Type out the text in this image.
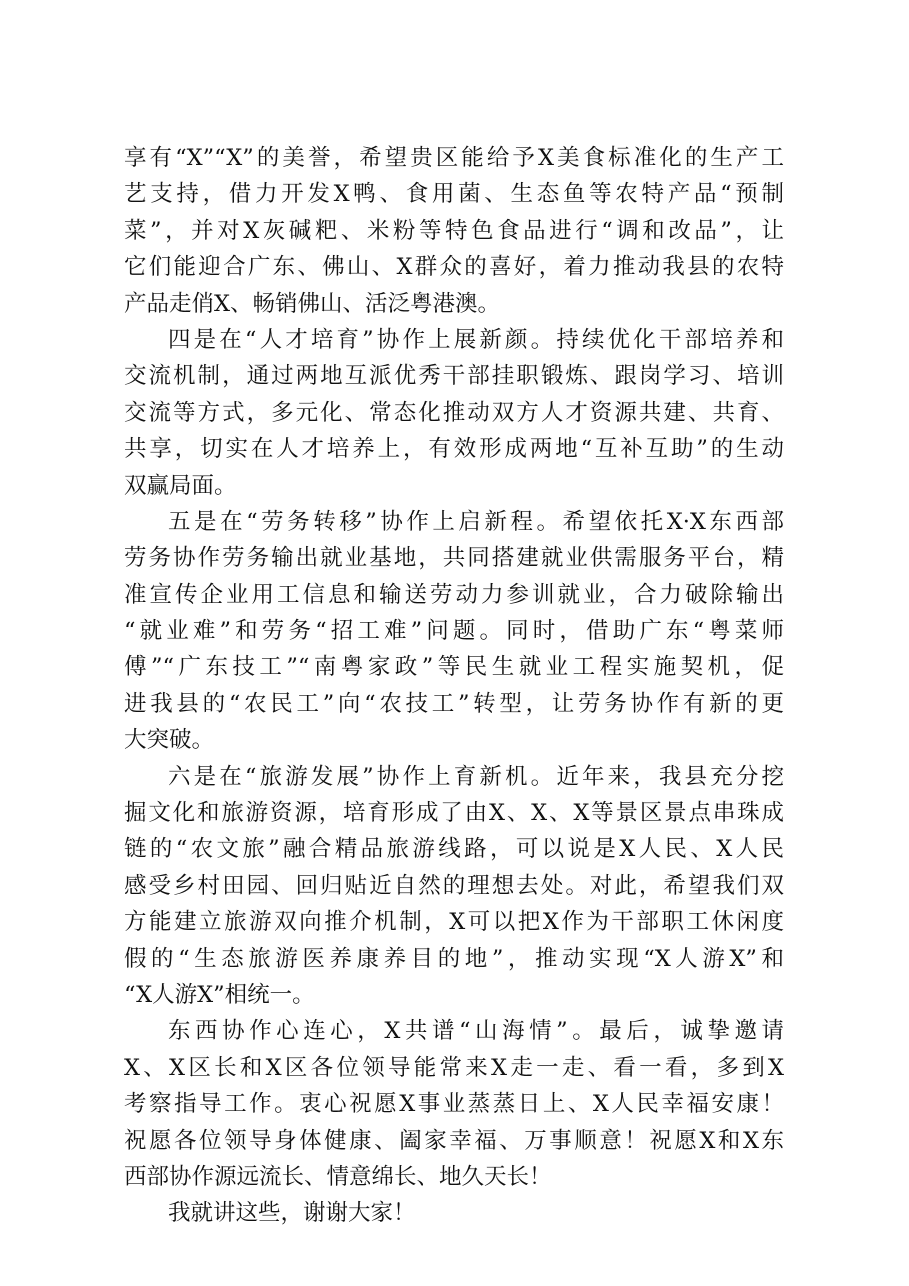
享有“X”“X”的美誉，希望贵区能给予X美食标准化的生产工
艺支持，借力开发X鸭、食用菌、生态鱼等农特产品“预制
菜”，并对X灰碱粑、米粉等特色食品进行“调和改品”，让
它们能迎合广东、佛山、X群众的喜好，着力推动我县的农特
产品走俏X、畅销佛山、活泛粤港澳。
四是在“人才培育”协作上展新颜。持续优化干部培养和
交流机制，通过两地互派优秀干部挂职锻炼、跟岗学习、培训
交流等方式，多元化、常态化推动双方人才资源共建、共育、
共享，切实在人才培养上，有效形成两地“互补互助”的生动
双赢局面。
五是在“劳务转移”协作上启新程。希望依托X·X东西部
劳务协作劳务输出就业基地，共同搭建就业供需服务平台，精
准宣传企业用工信息和输送劳动力参训就业，合力破除输出
“就业难”和劳务“招工难”问题。同时，借助广东“粤菜师
傅”“广东技工”“南粤家政”等民生就业工程实施契机，促
进我县的“农民工”向“农技工”转型，让劳务协作有新的更
大突破。
六是在“旅游发展”协作上育新机。近年来，我县充分挖
掘文化和旅游资源，培育形成了由X、X、X等景区景点串珠成
链的“农文旅”融合精品旅游线路，可以说是X人民、X人民
感受乡村田园、回归贴近自然的理想去处。对此，希望我们双
方能建立旅游双向推介机制，X可以把X作为干部职工休闲度
假的“生态旅游医养康养目的地”，推动实现“X人游X”和
“X人游X”相统一。
东西协作心连心，X共谱“山海情”。最后，诚挚邀请
X、X区长和X区各位领导能常来X走一走、看一看，多到X
考察指导工作。衷心祝愿X事业蒸蒸日上、X人民幸福安康！
祝愿各位领导身体健康、阖家幸福、万事顺意！祝愿X和X东
西部协作源远流长、情意绵长、地久天长！
我就讲这些，谢谢大家！
